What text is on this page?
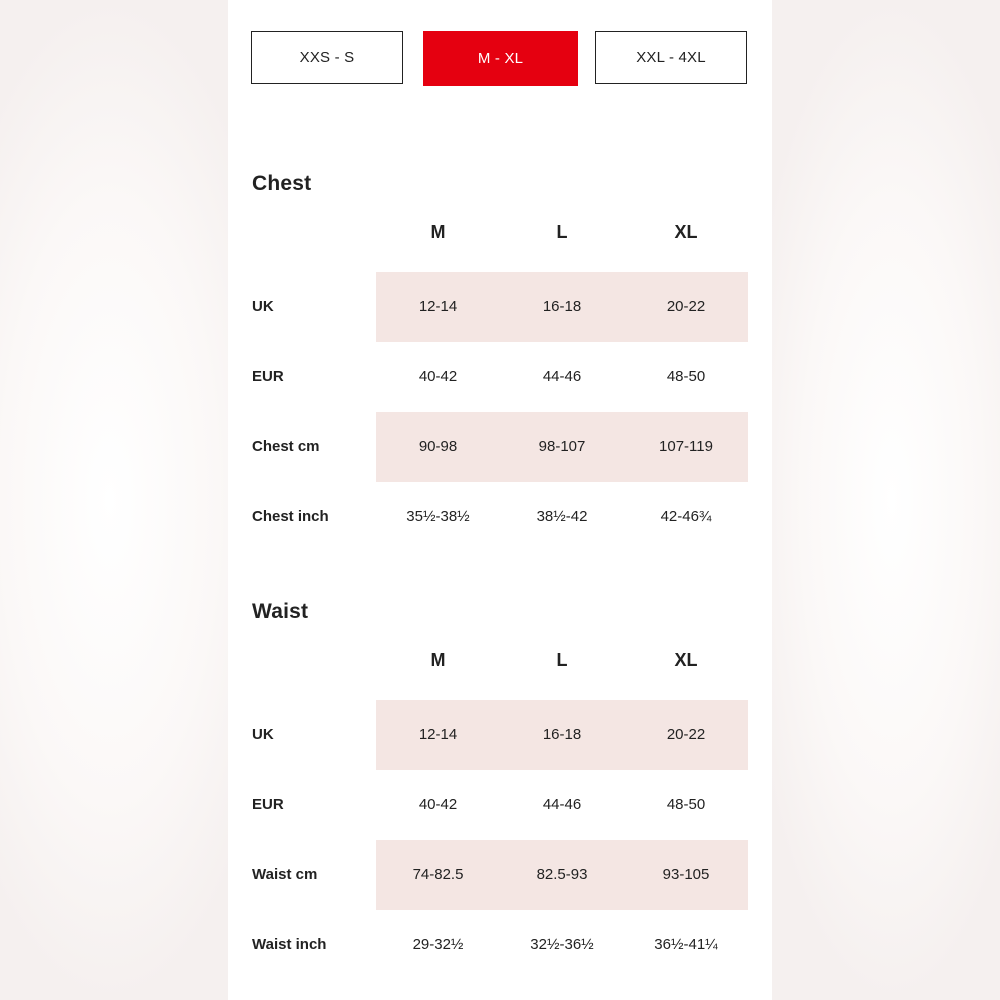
XXS - S	M - XL	XXL - 4XL
Chest
M	L	XL
UK	12-14	16-18	20-22
EUR	40-42	44-46	48-50
Chest cm	90-98	98-107	107-119
Chest inch	35½-38½	38½-42	42-46¾
Waist
M	L	XL
UK	12-14	16-18	20-22
EUR	40-42	44-46	48-50
Waist cm	74-82.5	82.5-93	93-105
Waist inch	29-32½	32½-36½	36½-41¼
